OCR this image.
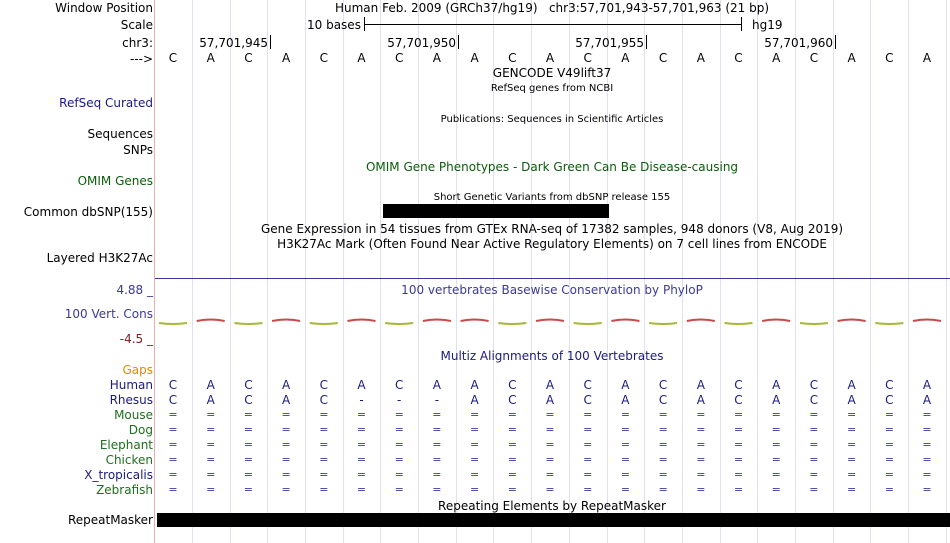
Window Position	Human Feb. 2009 (GRCh37/hg19)   chr3:57,701,943-57,701,963 (21 bp)
Scale	10 bases	hg19
chr3:	57,701,945	57,701,950	57,701,955	57,701,960
--->	C	A	C	A	C	A	C	A	A	C	A	C	A	C	A	C	A	C	A	C	A
GENCODE V49lift37
RefSeq genes from NCBI
RefSeq Curated
Publications: Sequences in Scientific Articles
Sequences
SNPs
OMIM Gene Phenotypes - Dark Green Can Be Disease-causing
OMIM Genes
Short Genetic Variants from dbSNP release 155
Common dbSNP(155)
Gene Expression in 54 tissues from GTEx RNA-seq of 17382 samples, 948 donors (V8, Aug 2019)
H3K27Ac Mark (Often Found Near Active Regulatory Elements) on 7 cell lines from ENCODE
Layered H3K27Ac
4.88 _	100 vertebrates Basewise Conservation by PhyloP
100 Vert. Cons
-4.5 _
Multiz Alignments of 100 Vertebrates
Gaps
Human	C	A	C	A	C	A	C	A	A	C	A	C	A	C	A	C	A	C	A	C	A
Rhesus	C	A	C	A	C	-	-	-	A	C	A	C	A	C	A	C	A	C	A	C	A
Mouse	=	=	=	=	=	=	=	=	=	=	=	=	=	=	=	=	=	=	=	=	=
Dog	=	=	=	=	=	=	=	=	=	=	=	=	=	=	=	=	=	=	=	=	=
Elephant	=	=	=	=	=	=	=	=	=	=	=	=	=	=	=	=	=	=	=	=	=
Chicken	=	=	=	=	=	=	=	=	=	=	=	=	=	=	=	=	=	=	=	=	=
X_tropicalis	=	=	=	=	=	=	=	=	=	=	=	=	=	=	=	=	=	=	=	=	=
Zebrafish	=	=	=	=	=	=	=	=	=	=	=	=	=	=	=	=	=	=	=	=	=
Repeating Elements by RepeatMasker
RepeatMasker
